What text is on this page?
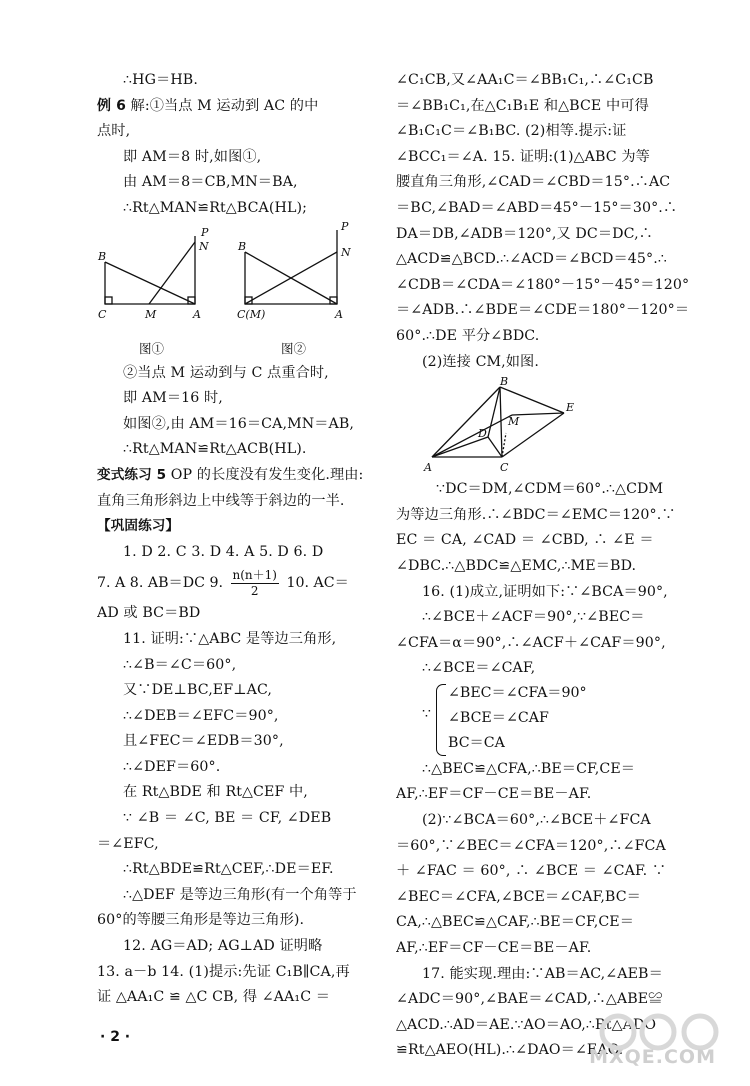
∴HG＝HB.
例 6 解:①当点 M 运动到 AC 的中
点时,
即 AM＝8 时,如图①,
由 AM＝8＝CB,MN＝BA,
∴Rt△MAN≌Rt△BCA(HL);
P
N
B
C	M	A
P
N
B
C(M)	A
图①	图②
②当点 M 运动到与 C 点重合时,
即 AM＝16 时,
如图②,由 AM＝16＝CA,MN＝AB,
∴Rt△MAN≌Rt△ACB(HL).
变式练习 5 OP 的长度没有发生变化.理由:
直角三角形斜边上中线等于斜边的一半.
【巩固练习】
1. D 2. C 3. D 4. A 5. D 6. D
7. A 8. AB＝DC 9. $\frac{n(n+1)}{2} 10$. AC＝
AD 或 BC＝BD
11. 证明:∵△ABC 是等边三角形,
∴∠B＝∠C＝60°,
又∵DE⊥BC,EF⊥AC,
∴∠DEB＝∠EFC＝90°,
且∠FEC＝∠EDB＝30°,
∴∠DEF＝60°.
在 Rt△BDE 和 Rt△CEF 中,
∵ ∠B ＝ ∠C, BE ＝ CF, ∠DEB
＝∠EFC,
∴Rt△BDE≌Rt△CEF,∴DE＝EF.
∴△DEF 是等边三角形(有一个角等于
60°的等腰三角形是等边三角形).
12. AG＝AD; AG⊥AD 证明略
13. a－b 14. (1)提示:先证 C₁B∥CA,再
证 △AA₁C ≌ △C CB, 得 ∠AA₁C ＝
∠C₁CB,又∠AA₁C＝∠BB₁C₁,∴∠C₁CB
＝∠BB₁C₁,在△C₁B₁E 和△BCE 中可得
∠B₁C₁C＝∠B₁BC. (2)相等.提示:证
∠BCC₁＝∠A. 15. 证明:(1)△ABC 为等
腰直角三角形,∠CAD＝∠CBD＝15°.∴AC
＝BC,∠BAD＝∠ABD＝45°－15°＝30°.∴
DA＝DB,∠ADB＝120°,又 DC＝DC,∴
△ACD≌△BCD.∴∠ACD＝∠BCD＝45°.∴
∠CDB＝∠CDA＝∠180°－15°－45°＝120°
＝∠ADB.∴∠BDE＝∠CDE＝180°－120°＝
60°.∴DE 平分∠BDC.
(2)连接 CM,如图.
B
E
D
M
A	C
∵DC＝DM,∠CDM＝60°.∴△CDM
为等边三角形.∴∠BDC＝∠EMC＝120°.∵
EC ＝ CA, ∠CAD ＝ ∠CBD, ∴ ∠E ＝
∠DBC.∴△BDC≌△EMC,∴ME＝BD.
16. (1)成立,证明如下:∵∠BCA＝90°,
∴∠BCE＋∠ACF＝90°,∵∠BEC＝
∠CFA＝α＝90°,∴∠ACF＋∠CAF＝90°,
∴∠BCE＝∠CAF,
∵
∠BEC＝∠CFA＝90°
∠BCE＝∠CAF
BC＝CA
∴△BEC≌△CFA,∴BE＝CF,CE＝
AF,∴EF＝CF－CE＝BE－AF.
(2)∵∠BCA＝60°,∴∠BCE＋∠FCA
＝60°,∵∠BEC＝∠CFA＝120°,∴∠FCA
＋ ∠FAC ＝ 60°, ∴ ∠BCE ＝ ∠CAF. ∵
∠BEC＝∠CFA,∠BCE＝∠CAF,BC＝
CA,∴△BEC≌△CAF,∴BE＝CF,CE＝
AF,∴EF＝CF－CE＝BE－AF.
17. 能实现.理由:∵AB＝AC,∠AEB＝
∠ADC＝90°,∠BAE＝∠CAD,∴△ABE≌
△ACD.∴AD＝AE.∵AO＝AO,∴Rt△ADO
≌Rt△AEO(HL).∴∠DAO＝∠EAO.
· 2 ·
MXQE.COM
